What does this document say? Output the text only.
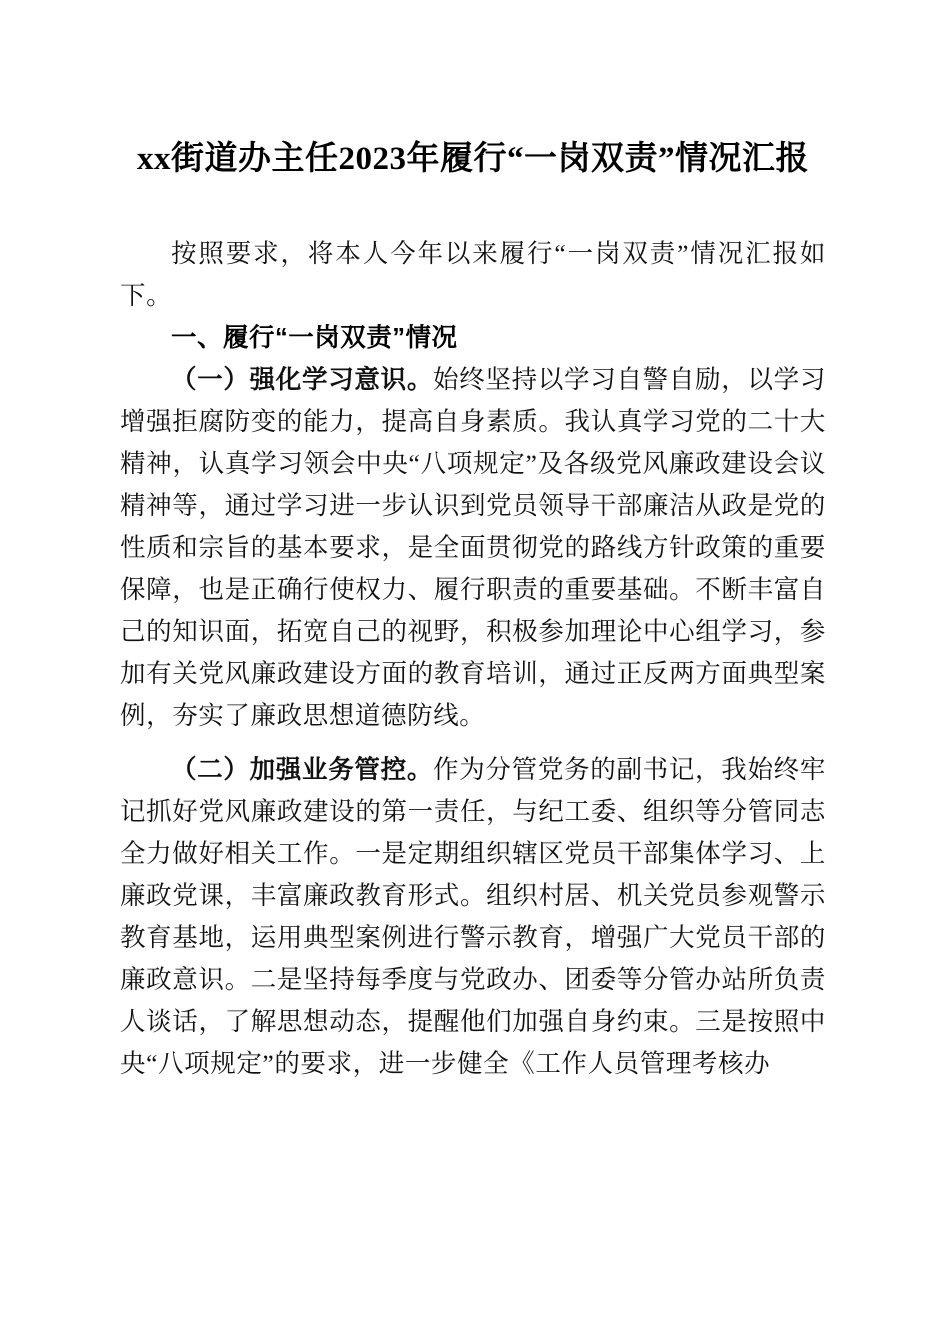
xx街道办主任2023年履行“一岗双责”情况汇报

按照要求，将本人今年以来履行“一岗双责”情况汇报如下。

一、履行“一岗双责”情况

（一）强化学习意识。始终坚持以学习自警自励，以学习增强拒腐防变的能力，提高自身素质。我认真学习党的二十大精神，认真学习领会中央“八项规定”及各级党风廉政建设会议精神等，通过学习进一步认识到党员领导干部廉洁从政是党的性质和宗旨的基本要求，是全面贯彻党的路线方针政策的重要保障，也是正确行使权力、履行职责的重要基础。不断丰富自己的知识面，拓宽自己的视野，积极参加理论中心组学习，参加有关党风廉政建设方面的教育培训，通过正反两方面典型案例，夯实了廉政思想道德防线。

（二）加强业务管控。作为分管党务的副书记，我始终牢记抓好党风廉政建设的第一责任，与纪工委、组织等分管同志全力做好相关工作。一是定期组织辖区党员干部集体学习、上廉政党课，丰富廉政教育形式。组织村居、机关党员参观警示教育基地，运用典型案例进行警示教育，增强广大党员干部的廉政意识。二是坚持每季度与党政办、团委等分管办站所负责人谈话，了解思想动态，提醒他们加强自身约束。三是按照中央“八项规定”的要求，进一步健全《工作人员管理考核办
